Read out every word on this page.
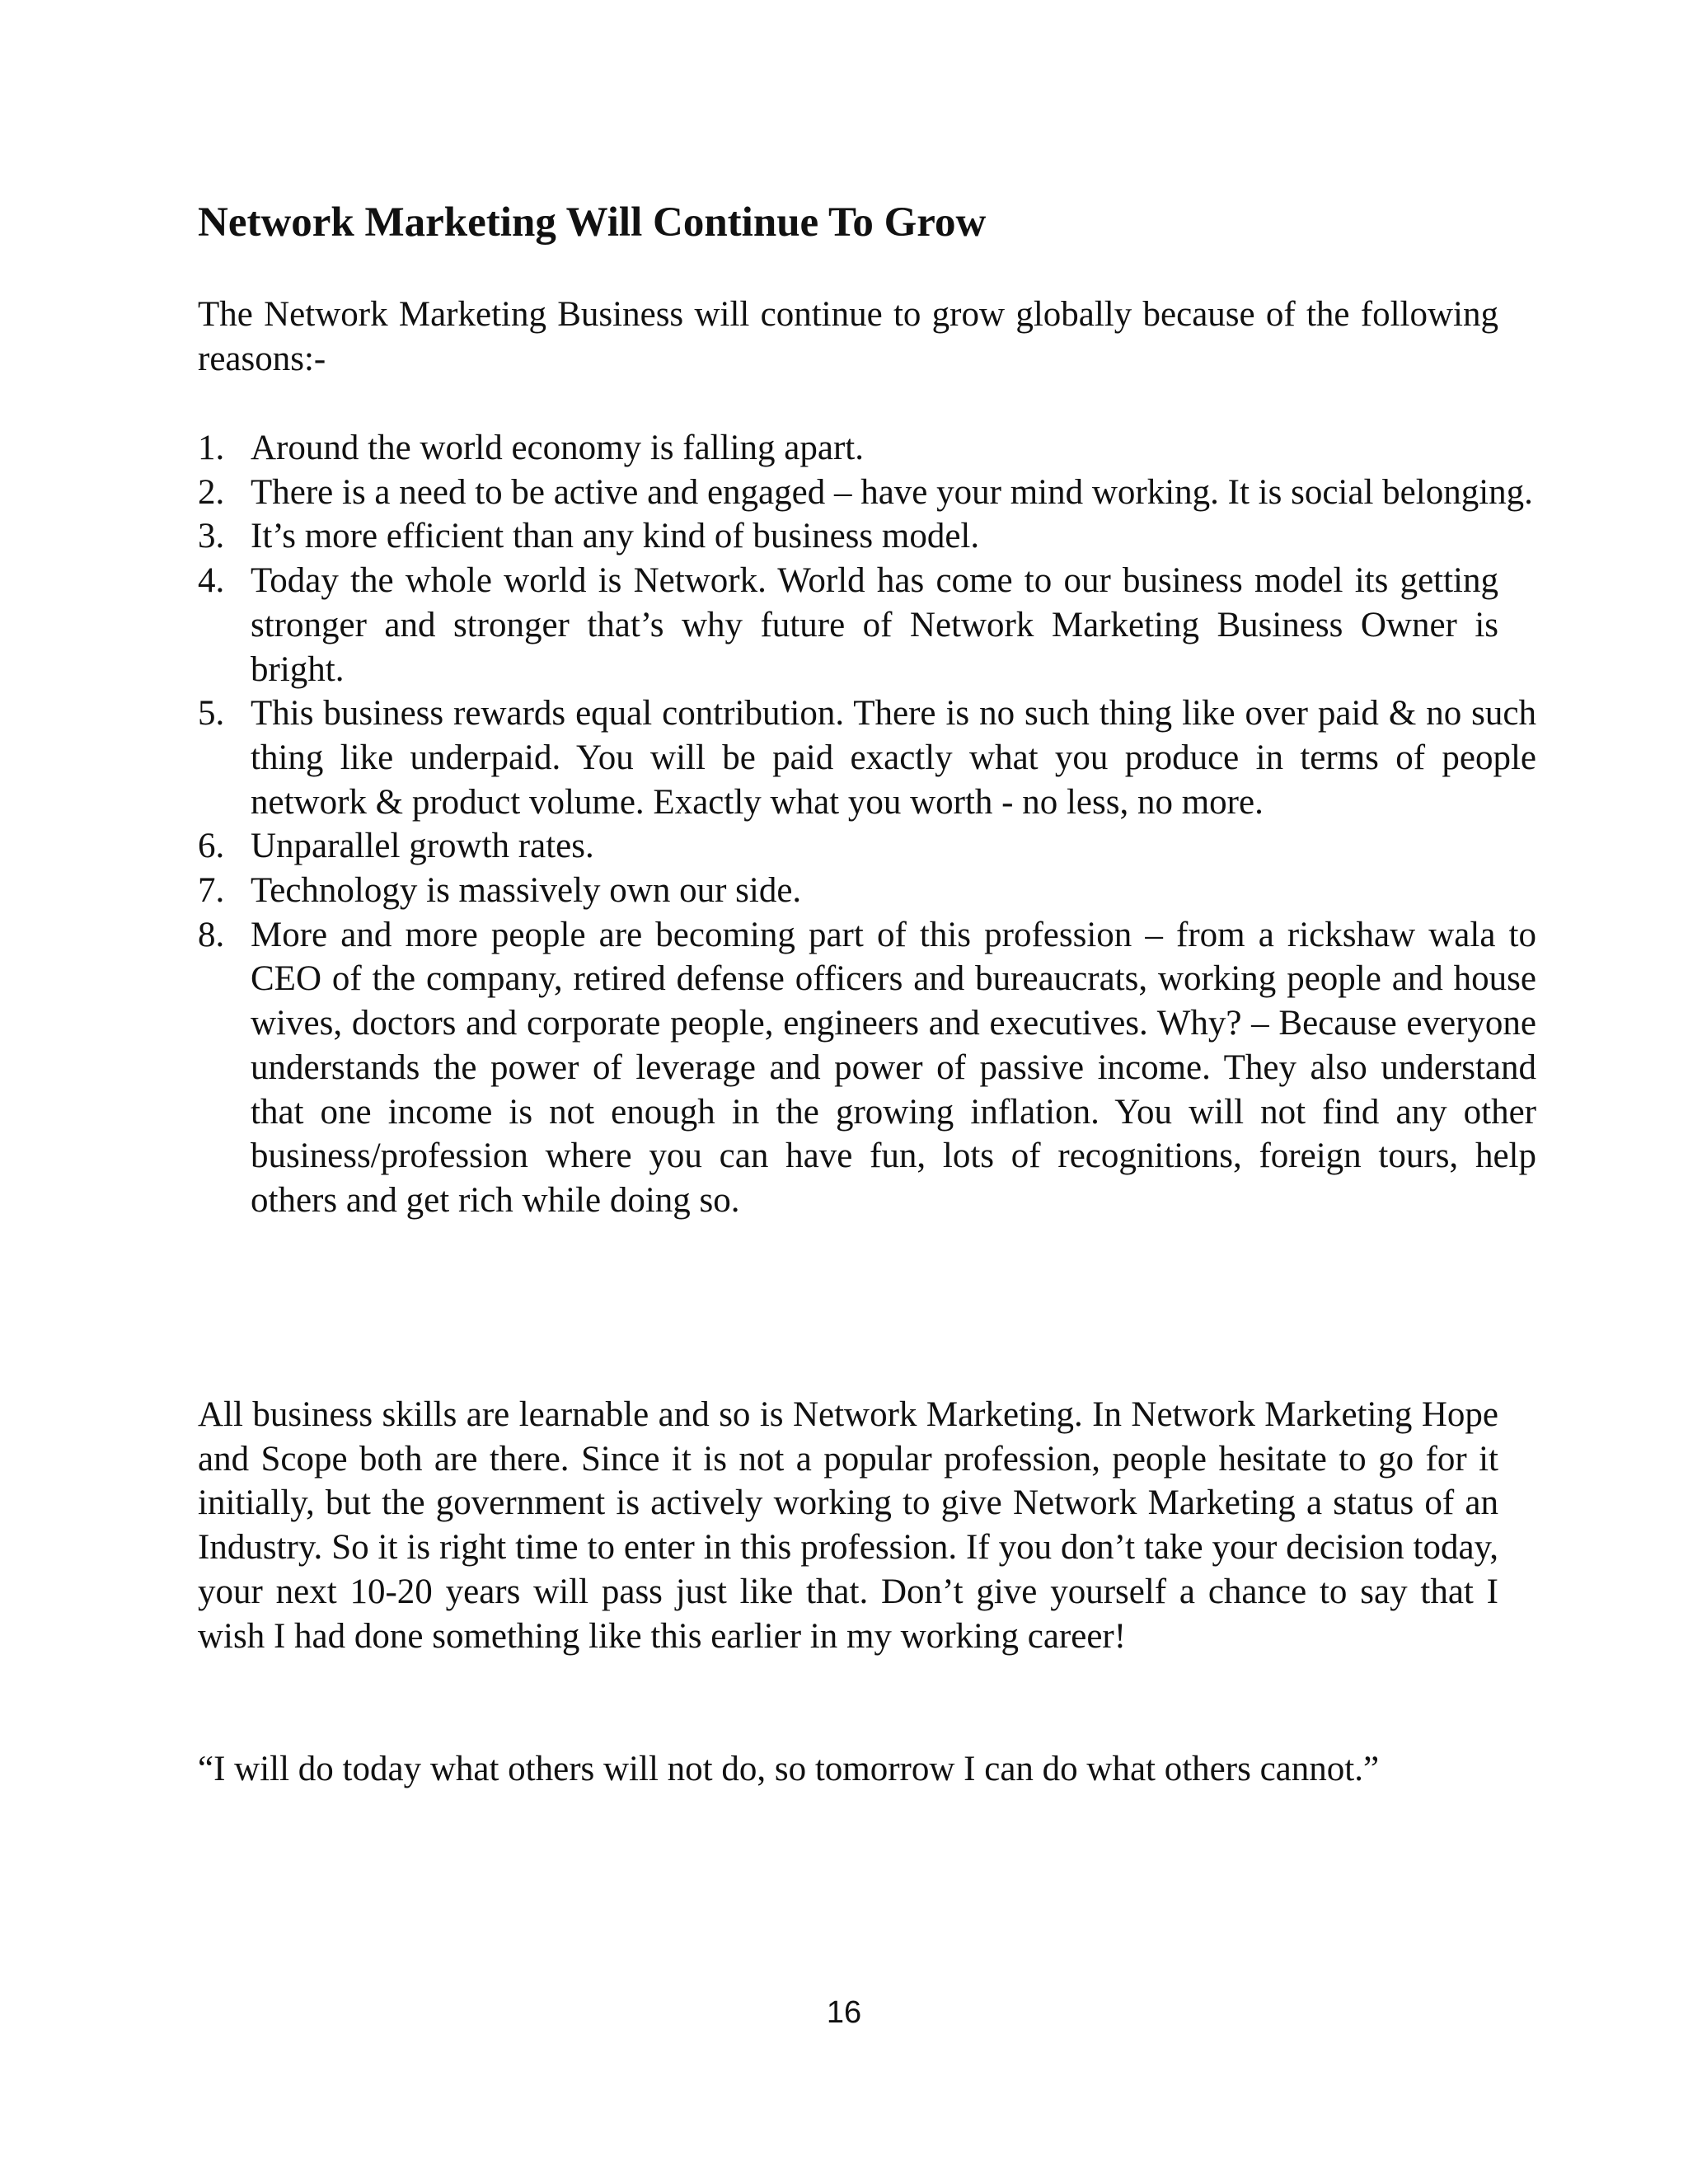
Network Marketing Will Continue To Grow

The Network Marketing Business will continue to grow globally because of the following reasons:-

1. Around the world economy is falling apart.
2. There is a need to be active and engaged – have your mind working. It is social belonging.
3. It’s more efficient than any kind of business model.
4. Today the whole world is Network. World has come to our business model its getting stronger and stronger that’s why future of Network Marketing Business Owner is bright.
5. This business rewards equal contribution. There is no such thing like over paid & no such thing like underpaid. You will be paid exactly what you produce in terms of people network & product volume. Exactly what you worth - no less, no more.
6. Unparallel growth rates.
7. Technology is massively own our side.
8. More and more people are becoming part of this profession – from a rickshaw wala to CEO of the company, retired defense officers and bureaucrats, working people and house wives, doctors and corporate people, engineers and executives. Why? – Because everyone understands the power of leverage and power of passive income. They also understand that one income is not enough in the growing inflation. You will not find any other business/profession where you can have fun, lots of recognitions, foreign tours, help others and get rich while doing so.

All business skills are learnable and so is Network Marketing. In Network Marketing Hope and Scope both are there. Since it is not a popular profession, people hesitate to go for it initially, but the government is actively working to give Network Marketing a status of an Industry. So it is right time to enter in this profession. If you don’t take your decision today, your next 10-20 years will pass just like that. Don’t give yourself a chance to say that I wish I had done something like this earlier in my working career!

“I will do today what others will not do, so tomorrow I can do what others cannot.”

16
